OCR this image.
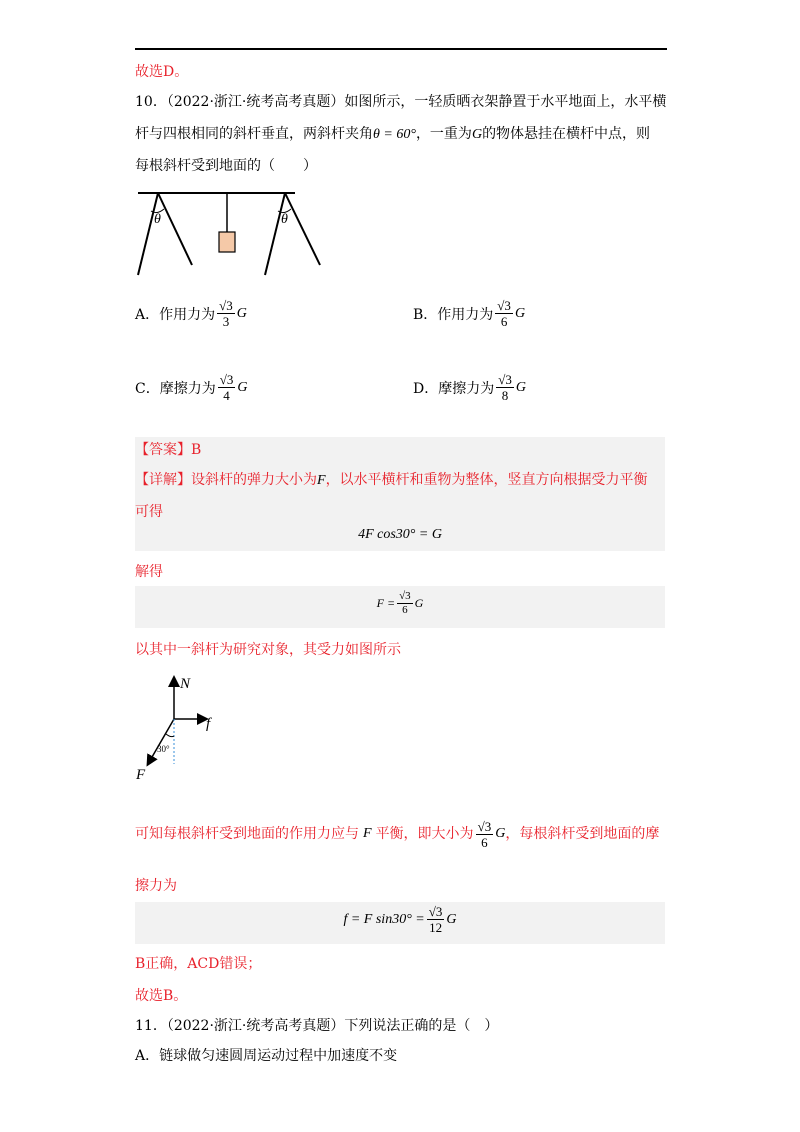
故选D。
10．（2022·浙江·统考高考真题）如图所示，一轻质晒衣架静置于水平地面上，水平横
杆与四根相同的斜杆垂直，两斜杆夹角θ = 60°，一重为G的物体悬挂在横杆中点，则
每根斜杆受到地面的（　　）
θ	θ
A．作用力为 $\frac{√3}{3}$ G	B．作用力为 $\frac{√3}{6}$ G
C．摩擦力为 $\frac{√3}{4}$ G	D．摩擦力为 $\frac{√3}{8}$ G
【答案】B
【详解】设斜杆的弹力大小为F，以水平横杆和重物为整体，竖直方向根据受力平衡
可得
4F cos30° = G
解得
$F = \frac{√3}{6}$ G
以其中一斜杆为研究对象，其受力如图所示
N
f
F
30°
可知每根斜杆受到地面的作用力应与 F 平衡，即大小为 $\frac{√3}{6}$ G ，每根斜杆受到地面的摩
擦力为
f = F $\sin 30^\circ = \frac{√3}{12}$ G
B正确，ACD错误；
故选B。
11．（2022·浙江·统考高考真题）下列说法正确的是（　）
A．链球做匀速圆周运动过程中加速度不变
